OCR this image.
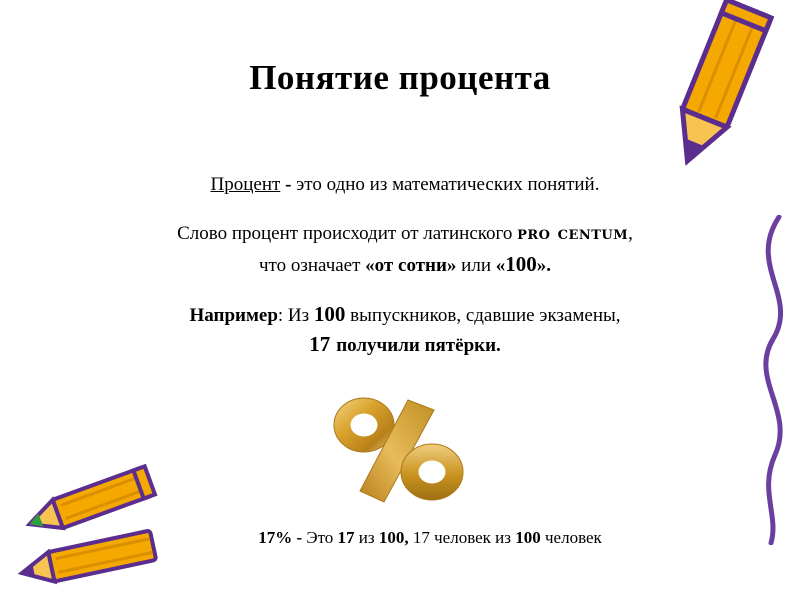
Понятие процента
Процент - это одно из математических понятий.
Слово процент происходит от латинского pro centum,
что означает «от сотни» или «100».
Например: Из 100 выпускников, сдавшие экзамены,
17 получили пятёрки.
17% - Это 17 из 100, 17 человек из 100 человек
